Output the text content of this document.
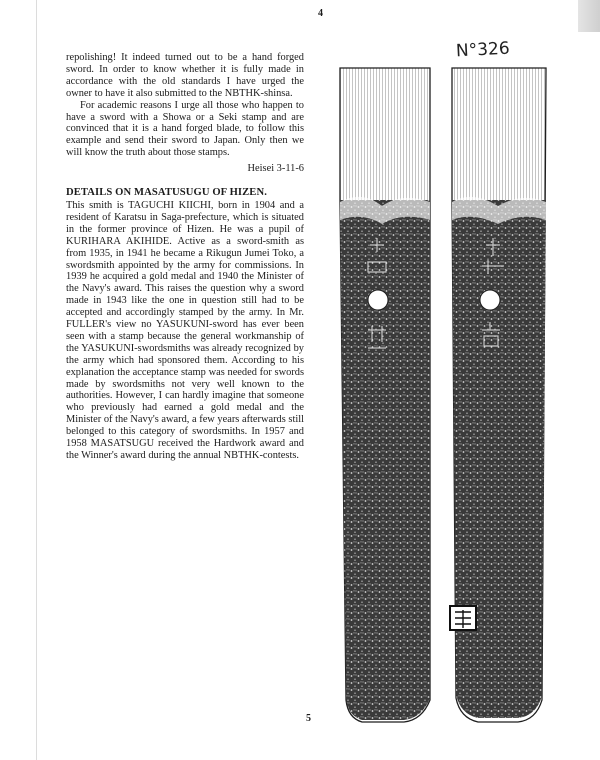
4

repolishing! It indeed turned out to be a hand forged sword. In order to know whether it is fully made in accordance with the old standards I have urged the owner to have it also submitted to the NBTHK-shinsa.

For academic reasons I urge all those who happen to have a sword with a Showa or a Seki stamp and are convinced that it is a hand forged blade, to follow this example and send their sword to Japan. Only then we will know the truth about those stamps.

Heisei 3-11-6

DETAILS ON MASATUSUGU OF HIZEN.

This smith is TAGUCHI KIICHI, born in 1904 and a resident of Karatsu in Saga-prefecture, which is situated in the former province of Hizen. He was a pupil of KURIHARA AKIHIDE. Active as a sword-smith as from 1935, in 1941 he became a Rikugun Jumei Toko, a swordsmith appointed by the army for commissions. In 1939 he acquired a gold medal and 1940 the Minister of the Navy's award. This raises the question why a sword made in 1943 like the one in question still had to be accepted and accordingly stamped by the army. In Mr. FULLER's view no YASUKUNI-sword has ever been seen with a stamp because the general workmanship of the YASUKUNI-swordsmiths was already recognized by the army which had sponsored them. According to his explanation the acceptance stamp was needed for swords made by swordsmiths not very well known to the authorities. However, I can hardly imagine that someone who previously had earned a gold medal and the Minister of the Navy's award, a few years afterwards still belonged to this category of swordsmiths. In 1957 and 1958 MASATSUGU received the Hardwork award and the Winner's award during the annual NBTHK-contests.

N°326
5
